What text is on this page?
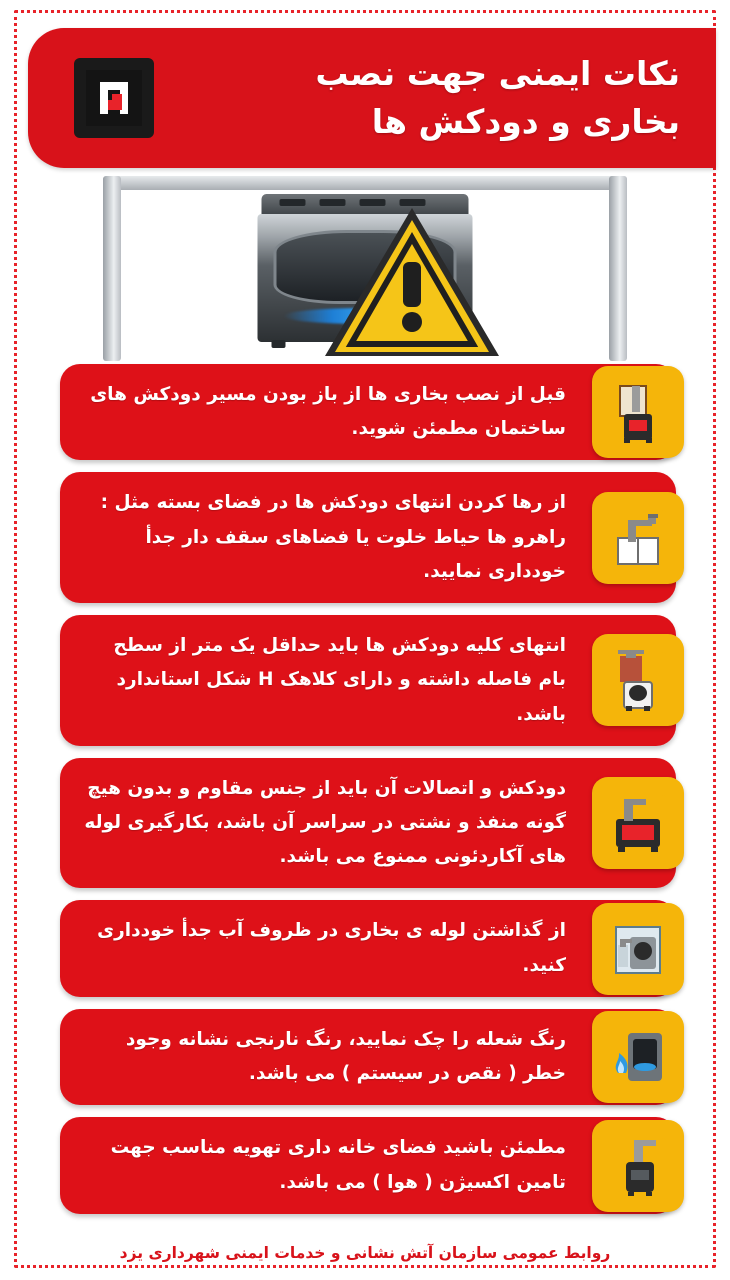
نکات ایمنی جهت نصب
بخاری و دودکش ها
قبل از نصب بخاری ها از باز بودن مسیر دودکش های ساختمان مطمئن شوید.
از رها کردن انتهای دودکش ها در فضای بسته مثل : راهرو ها حیاط خلوت یا فضاهای سقف دار جدأ خودداری نمایید.
انتهای کلیه دودکش ها باید حداقل یک متر از سطح بام فاصله داشته و دارای کلاهک H شکل استاندارد باشد.
دودکش و اتصالات آن باید از جنس مقاوم و بدون هیچ گونه منفذ و نشتی در سراسر آن باشد، بکارگیری لوله های آکاردئونی ممنوع می باشد.
از گذاشتن لوله ی بخاری در ظروف آب جدأ خودداری کنید.
رنگ شعله را چک نمایید، رنگ نارنجی نشانه وجود خطر ( نقص در سیستم ) می باشد.
مطمئن باشید فضای خانه داری تهویه مناسب جهت تامین اکسیژن ( هوا ) می باشد.
روابط عمومی سازمان آتش نشانی و خدمات ایمنی شهرداری یزد
